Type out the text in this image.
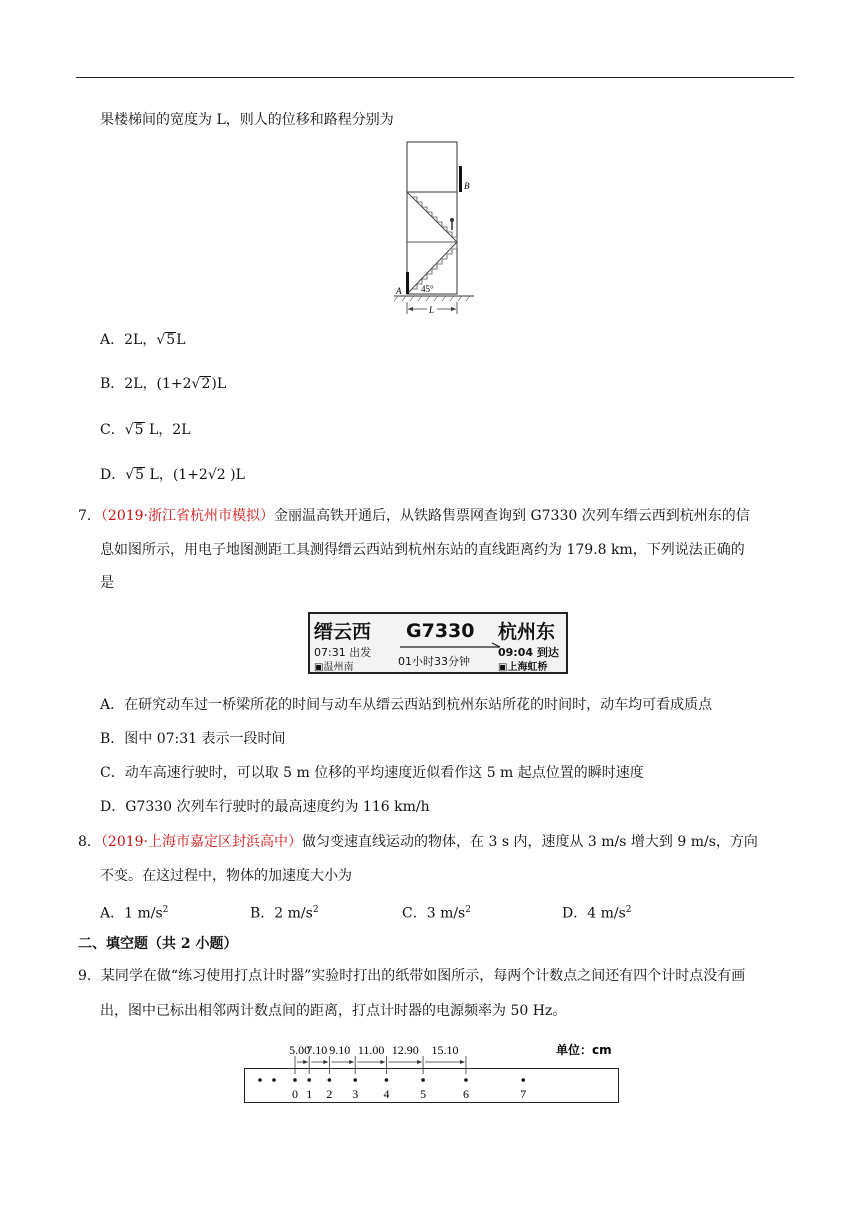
果楼梯间的宽度为 L，则人的位移和路程分别为
A
B
45°
L
A．2L，√5L
B．2L，(1+2√2)L
C．√5 L，2L
D．√5 L，(1+2√2 )L
7．（2019·浙江省杭州市模拟）金丽温高铁开通后，从铁路售票网查询到 G7330 次列车缙云西到杭州东的信
息如图所示，用电子地图测距工具测得缙云西站到杭州东站的直线距离约为 179.8 km，下列说法正确的
是
缙云西
07:31 出发
▣温州南
G7330
01小时33分钟
杭州东
09:04 到达
▣上海虹桥
A．在研究动车过一桥梁所花的时间与动车从缙云西站到杭州东站所花的时间时，动车均可看成质点
B．图中 07:31 表示一段时间
C．动车高速行驶时，可以取 5 m 位移的平均速度近似看作这 5 m 起点位置的瞬时速度
D．G7330 次列车行驶时的最高速度约为 116 km/h
8．（2019·上海市嘉定区封浜高中）做匀变速直线运动的物体，在 3 s 内，速度从 3 m/s 增大到 9 m/s，方向
不变。在这过程中，物体的加速度大小为
A．1 $m/s^2$	B．2 $m/s^2$	C．3 $m/s^2$	D．4 $m/s^2$
二、填空题（共 2 小题）
9．某同学在做“练习使用打点计时器”实验时打出的纸带如图所示，每两个计数点之间还有四个计时点没有画
出，图中已标出相邻两计数点间的距离，打点计时器的电源频率为 50 Hz。
0 1 2 3 4	5	6	7
5.00
7.10 9.10 11.00 12.90 15.10	单位：cm
